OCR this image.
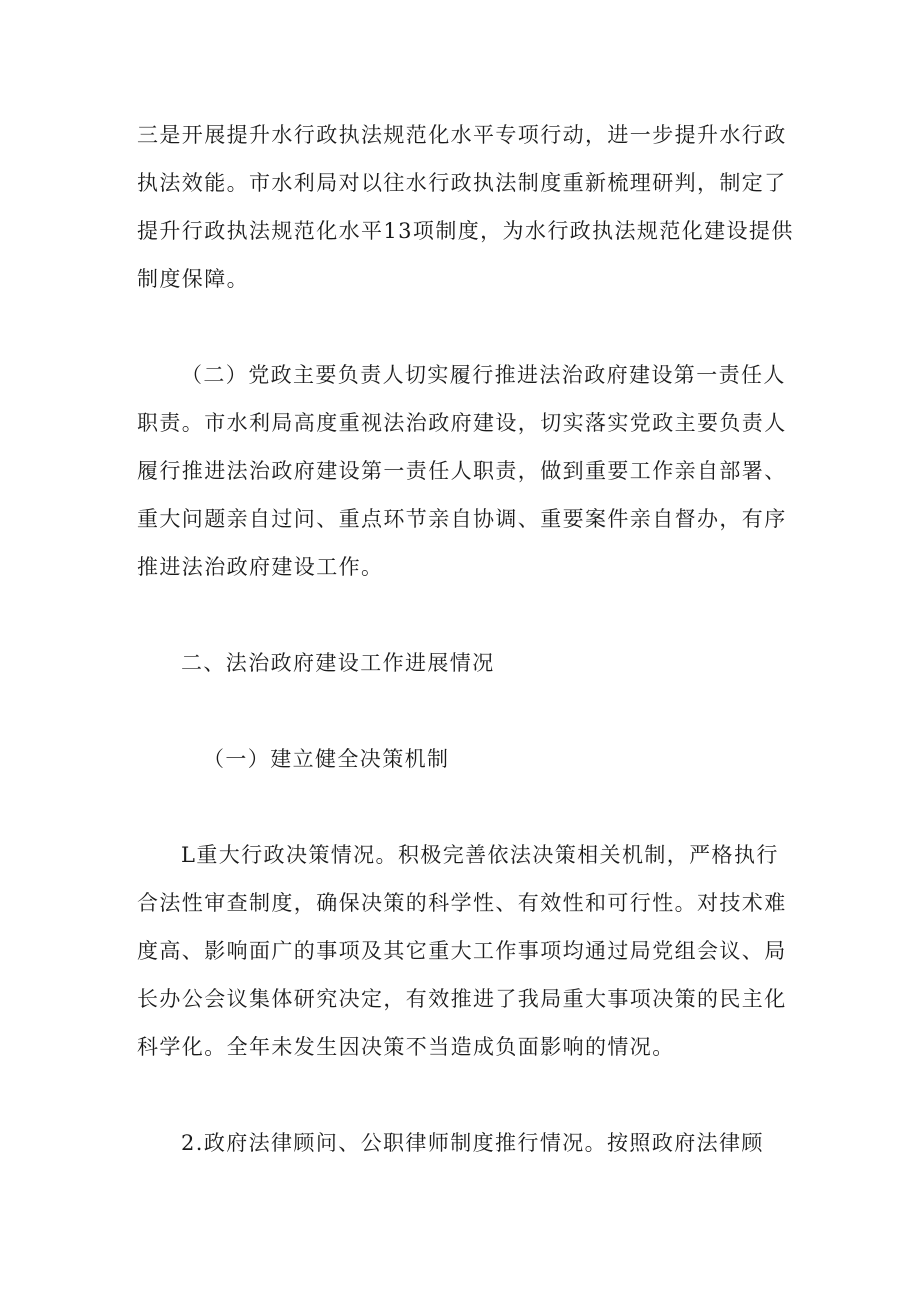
三是开展提升水行政执法规范化水平专项行动，进一步提升水行政执法效能。市水利局对以往水行政执法制度重新梳理研判，制定了提升行政执法规范化水平13项制度，为水行政执法规范化建设提供制度保障。

（二）党政主要负责人切实履行推进法治政府建设第一责任人职责。市水利局高度重视法治政府建设，切实落实党政主要负责人履行推进法治政府建设第一责任人职责，做到重要工作亲自部署、重大问题亲自过问、重点环节亲自协调、重要案件亲自督办，有序推进法治政府建设工作。

二、法治政府建设工作进展情况

（一）建立健全决策机制

L重大行政决策情况。积极完善依法决策相关机制，严格执行合法性审查制度，确保决策的科学性、有效性和可行性。对技术难度高、影响面广的事项及其它重大工作事项均通过局党组会议、局长办公会议集体研究决定，有效推进了我局重大事项决策的民主化科学化。全年未发生因决策不当造成负面影响的情况。

2.政府法律顾问、公职律师制度推行情况。按照政府法律顾
